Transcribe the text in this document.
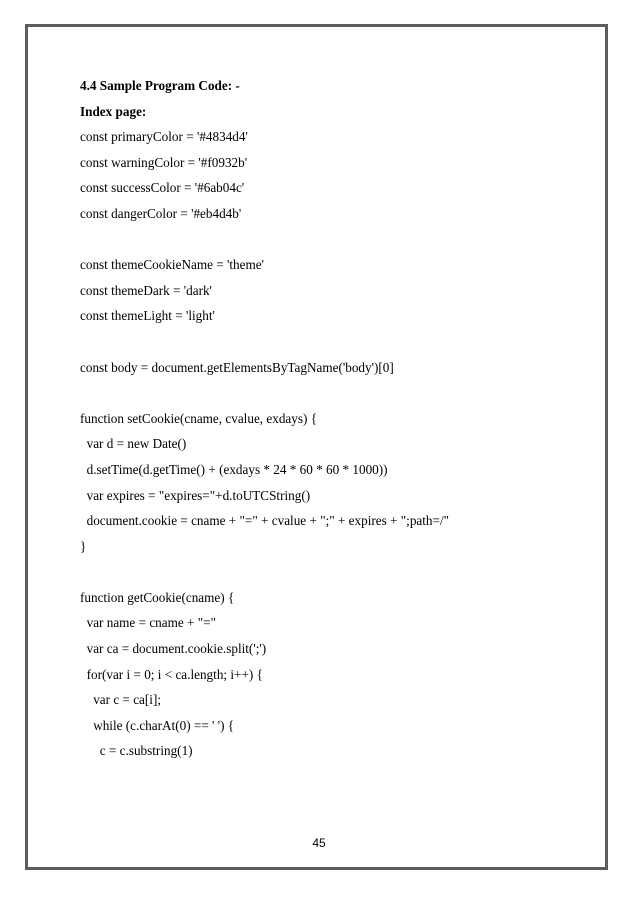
4.4 Sample Program Code: -
Index page:
const primaryColor = '#4834d4'
const warningColor = '#f0932b'
const successColor = '#6ab04c'
const dangerColor = '#eb4d4b'
const themeCookieName = 'theme'
const themeDark = 'dark'
const themeLight = 'light'
const body = document.getElementsByTagName('body')[0]
function setCookie(cname, cvalue, exdays) {
var d = new Date()
d.setTime(d.getTime() + (exdays * 24 * 60 * 60 * 1000))
var expires = "expires="+d.toUTCString()
document.cookie = cname + "=" + cvalue + ";" + expires + ";path=/"
}
function getCookie(cname) {
var name = cname + "="
var ca = document.cookie.split(';')
for(var i = 0; i < ca.length; i++) {
var c = ca[i];
while (c.charAt(0) == ' ') {
c = c.substring(1)
45
